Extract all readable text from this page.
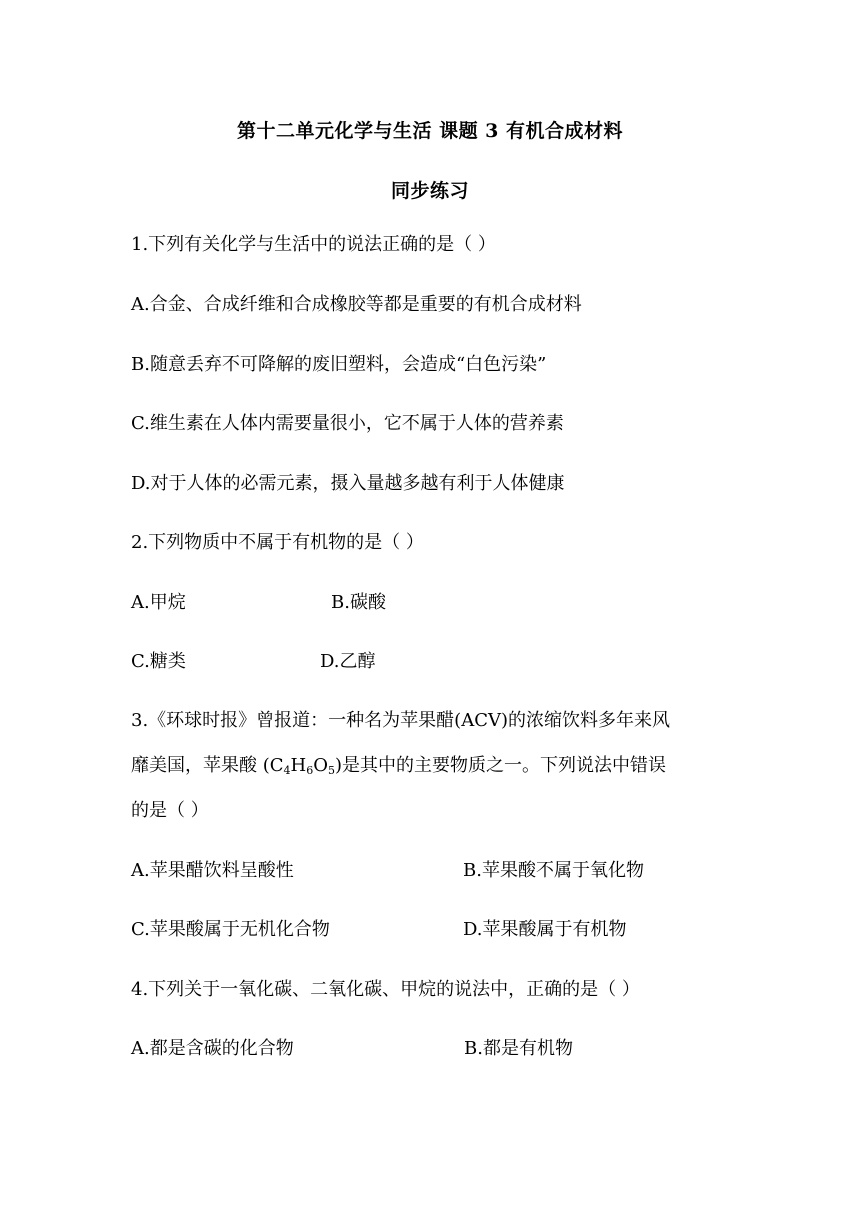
第十二单元化学与生活 课题 3 有机合成材料
同步练习
1.下列有关化学与生活中的说法正确的是（ ）
A.合金、合成纤维和合成橡胶等都是重要的有机合成材料
B.随意丢弃不可降解的废旧塑料，会造成“白色污染”
C.维生素在人体内需要量很小，它不属于人体的营养素
D.对于人体的必需元素，摄入量越多越有利于人体健康
2.下列物质中不属于有机物的是（ ）
A.甲烷	B.碳酸
C.糖类	D.乙醇
3.《环球时报》曾报道：一种名为苹果醋(ACV)的浓缩饮料多年来风
靡美国，苹果酸 $(C_4H_6O_5)$是其中的主要物质之一。下列说法中错误
的是（ ）
A.苹果醋饮料呈酸性	B.苹果酸不属于氧化物
C.苹果酸属于无机化合物	D.苹果酸属于有机物
4.下列关于一氧化碳、二氧化碳、甲烷的说法中，正确的是（ ）
A.都是含碳的化合物	B.都是有机物
